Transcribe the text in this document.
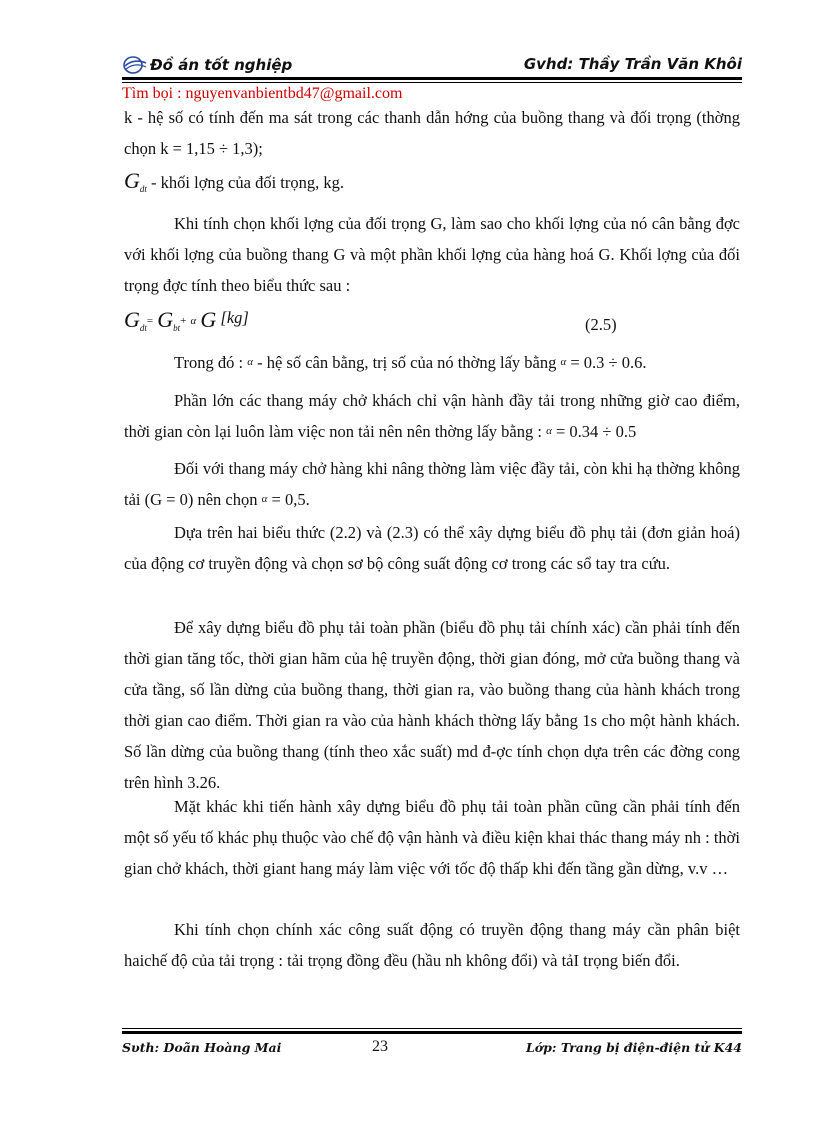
Đồ án tốt nghiệp	Gvhd: Thầy Trần Văn Khôi
Tìm bọi : nguyenvanbientbd47@gmail.com
k - hệ số có tính đến ma sát trong các thanh dẫn hớng của buồng thang và đối trọng (thờng chọn k = 1,15 ÷ 1,3);
$G_{dt}$ - khối lợng của đối trọng, kg.
Khi tính chọn khối lợng của đối trọng G, làm sao cho khối lợng của nó cân bằng đợc với khối lợng của buồng thang G và một phần khối lợng của hàng hoá G. Khối lợng của đối trọng đợc tính theo biểu thức sau :
$G_{dt}= G_{bt}+ \alpha$ G [kg]	(2.5)
Trong đó : α - hệ số cân bằng, trị số của nó thờng lấy bằng α = 0.3 ÷ 0.6.
Phần lớn các thang máy chở khách chỉ vận hành đầy tải trong những giờ cao điểm, thời gian còn lại luôn làm việc non tải nên nên thờng lấy bằng : α = 0.34 ÷ 0.5
Đối với thang máy chở hàng khi nâng thờng làm việc đầy tải, còn khi hạ thờng không tải (G = 0) nên chọn α = 0,5.
Dựa trên hai biểu thức (2.2) và (2.3) có thể xây dựng biểu đồ phụ tải (đơn giản hoá) của động cơ truyền động và chọn sơ bộ công suất động cơ trong các sổ tay tra cứu.
Để xây dựng biểu đồ phụ tải toàn phần (biểu đồ phụ tải chính xác) cần phải tính đến thời gian tăng tốc, thời gian hãm của hệ truyền động, thời gian đóng, mở cửa buồng thang và cửa tầng, số lần dừng của buồng thang, thời gian ra, vào buồng thang của hành khách trong thời gian cao điểm. Thời gian ra vào của hành khách thờng lấy bằng 1s cho một hành khách. Số lần dừng của buồng thang (tính theo xắc suất) md đ-ợc tính chọn dựa trên các đờng cong trên hình 3.26.
Mặt khác khi tiến hành xây dựng biểu đồ phụ tải toàn phần cũng cần phải tính đến một số yếu tố khác phụ thuộc vào chế độ vận hành và điều kiện khai thác thang máy nh : thời gian chở khách, thời giant hang máy làm việc với tốc độ thấp khi đến tầng gần dừng, v.v …
Khi tính chọn chính xác công suất động có truyền động thang máy cần phân biệt haichế độ của tải trọng : tải trọng đồng đều (hầu nh không đổi) và tảI trọng biến đổi.
Sυth: Doãn Hoàng Mai	23	Lớp: Trang bị điện-điện tử K44
